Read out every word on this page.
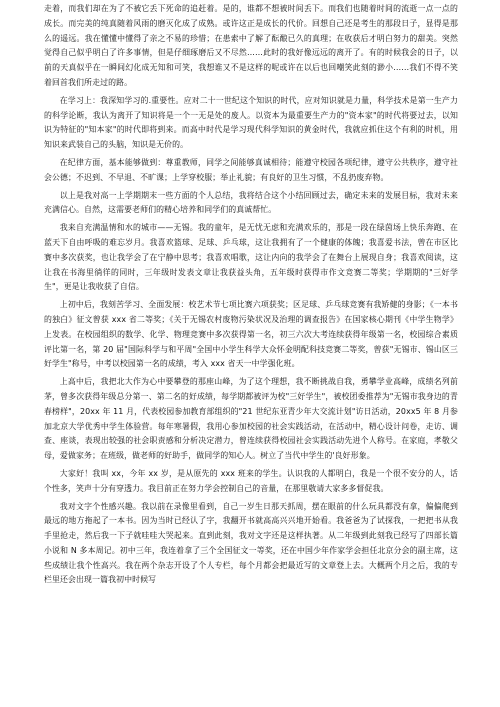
走着，而我们却在为了不被它丢下死命的追赶着。是的，谁都不想被时间丢下。而我们也随着时间的流逝一点一点的成长。而完美的纯真随着风雨的磨灭化成了成熟。或许这正是成长的代价。回想自己还是考生的那段日子，显得是那么的遥远。我在懂懂中懂得了亲之不易的珍惜；在患索中了解了酝酿已久的真理；在收获后才明白努力的甜美。突然觉得自己似乎明白了许多事情，但是仔细琢磨后又不尽然……此时的我好像远远的离开了。有的时候我会的日子，以前的天真似乎在一瞬间幻化成无知和可笑，我想谁又不是这样的呢或许在以后也回嘲笑此刻的渺小……我们不得不笑着回首我们所走过的路。

在学习上：我深知学习的.重要性。应对二十一世纪这个知识的时代，应对知识就是力量，科学技术是第一生产力的科学论断，我认为离开了知识将是一个一无是处的废人。以资本为最重要生产力的"资本家"的时代将要过去，以知识为特征的"知本家"的时代即将到来。而高中时代是学习现代科学知识的黄金时代，我就应抓住这个有利的时机，用知识来武装自己的头脑，知识是无价的。

在纪律方面，基本能够做到：尊重教师，同学之间能够真诚相待；能遵守校园各项纪律，遵守公共秩序，遵守社会公德；不迟到、不早退、不旷课；上学穿校服；举止礼貌；有良好的卫生习惯，不乱扔废弃物。

以上是我对高一上学期期末一些方面的个人总结，我将结合这个小结回顾过去，确定未来的发展目标，我对未来充满信心。自然，这需要老师们的精心培养和同学们的真诚帮忙。

我来自充满温情和水的城市——无锡。我的童年，是无忧无虑和充满欢乐的，那是一段在绿茵场上快乐奔跑、在蓝天下自由呼吸的难忘岁月。我喜欢篮球、足球、乒乓球，这让我拥有了一个健康的体魄；我喜爱书法，曾在市区比赛中多次获奖，也让我学会了在宁静中思考；我喜欢唱歌，这让内向的我学会了在舞台上展现自身；我喜欢阅读，这让我在书海里徜徉的同时，三年级时发表文章让我获益头角，五年级时获得市作文竞赛二等奖；学期期的"三好学生"，更是让我收获了自信。

上初中后，我刻苦学习、全面发展：校艺术节七项比赛六项获奖；区足球、乒乓球竞赛有我矫健的身影；《一本书的独白》征文曾获 xxx 省二等奖；《关于无锡农村废物污染状况及治理的调查报告》在国家核心期刊《中学生物学》上发表。在校园组织的数学、化学、物理竞赛中多次获得第一名，初三六次大考连续获得年级第一名，校园综合素质评比第一名，第 20 届"国际科学与和平周"全国中小学生科学大众怀金明配科技竞赛二等奖，曾获"无锡市、锡山区三好学生"称号，中考以校园第一名的成绩，考入 xxx 省天一中学强化班。

上高中后，我把北大作为心中要攀登的那座山峰，为了这个理想，我不断挑战自我，勇攀学业高峰，成绩名列前茅，曾多次获得年级总分第一、第二名的好成绩，每学期都被评为校"三好学生"，被校团委推荐为"无锡市我身边的青春榜样"，20xx 年 11 月，代表校园参加教育部组织的"21 世纪东亚青少年大交流计划"访日活动，20xx5 年 8 月参加北京大学优秀中学生体验营。每年寒暑假，我用心参加校园的社会实践活动，在活动中，精心设计问卷，走访、调查、座谈，表现出较强的社会职责感和分析决定潜力，曾连续获得校园社会实践活动先进个人称号。在家庭，孝敬父母，爱做家务；在班级，做老师的好助手，做同学的知心人。树立了当代中学生的'良好形象。

大家好！我叫 xx，今年 xx 岁，是从原先的 xxx 班来的学生。认识我的人都明白，我是一个很不安分的人，话个性多，笑声十分有穿透力。我目前正在努力学会控制自己的音量，在那里敬请大家多多督促我。

我对文字个性感兴趣。我以前在录像里看到，自己一岁生日那天抓周，摆在眼前的什么玩具都没有拿，偏偏爬到最远的地方拖起了一本书。因为当时已经认了字，我翻开书就高高兴兴地开始看。我爸爸为了试探我，一把把书从我手里抢走，然后我一下子就哇哇大哭起来。直到此刻，我对文字还是这样执著。从二年级到此刻我已经写了四部长篇小说和 N 多本周记。初中三年，我连着拿了三个全国征文一等奖，还在中国少年作家学会担任北京分会的副主席，这些成绩让我个性高兴。我在两个杂志开设了个人专栏，每个月都会把最近写的文章登上去。大概两个月之后，我的专栏里还会出现一篇我初中时候写
